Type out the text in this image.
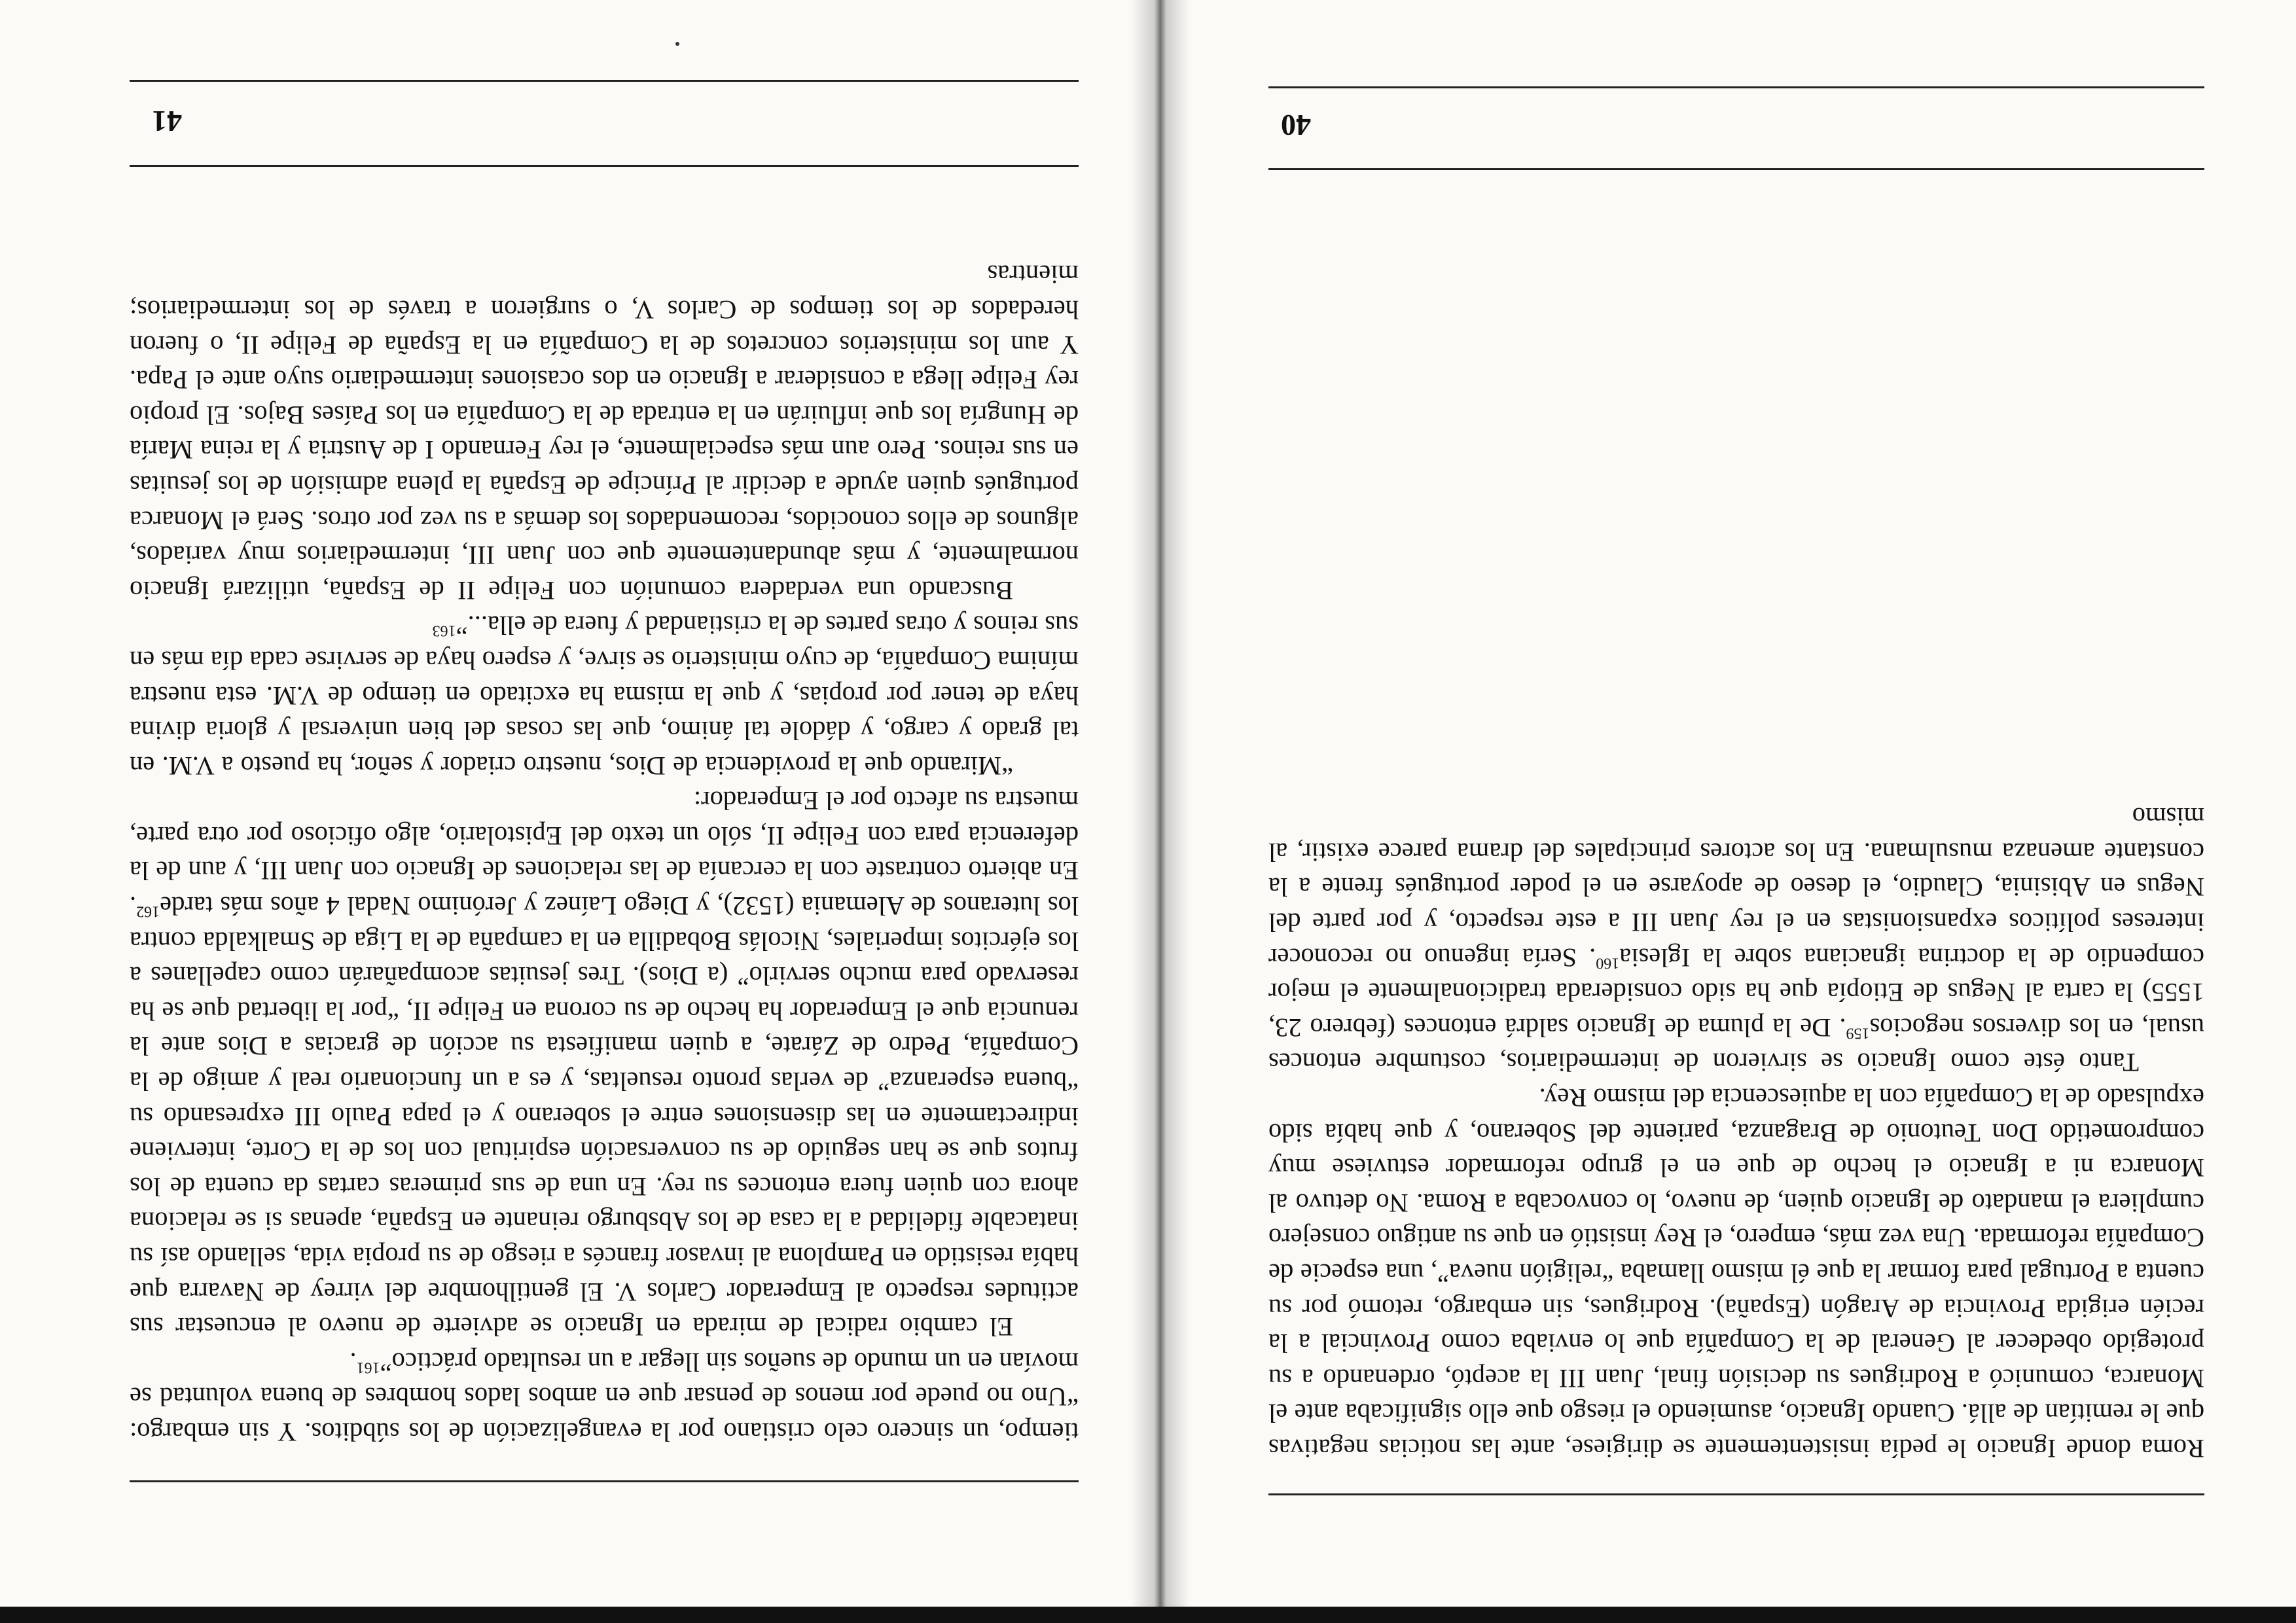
Roma donde Ignacio le pedía insistentemente se dirigiese, ante las noticias negativas que le remitían de allá. Cuando Ignacio, asumiendo el riesgo que ello significaba ante el Monarca, comunicó a Rodrigues su decisión final, Juan III la aceptó, ordenando a su protegido obedecer al General de la Compañía que lo enviaba como Provincial a la recién erigida Provincia de Aragón (España). Rodrigues, sin embargo, retomó por su cuenta a Portugal para formar la que él mismo llamaba “religión nueva”, una especie de Compañía reformada. Una vez más, empero, el Rey insistió en que su antiguo consejero cumpliera el mandato de Ignacio quien, de nuevo, lo convocaba a Roma. No detuvo al Monarca ni a Ignacio el hecho de que en el grupo reformador estuviese muy comprometido Don Teutonio de Braganza, pariente del Soberano, y que había sido expulsado de la Compañía con la aquiescencia del mismo Rey.

Tanto éste como Ignacio se sirvieron de intermediarios, costumbre entonces usual, en los diversos negocios$^{159}$. De la pluma de Ignacio saldrá entonces (febrero 23, 1555) la carta al Negus de Etiopía que ha sido considerada tradicionalmente el mejor compendio de la doctrina ignaciana sobre la Iglesia$^{160}$. Sería ingenuo no reconocer intereses políticos expansionistas en el rey Juan III a este respecto, y por parte del Negus en Abisinia, Claudio, el deseo de apoyarse en el poder portugués frente a la constante amenaza musulmana. En los actores principales del drama parece existir, al mismo

40

tiempo, un sincero celo cristiano por la evangelización de los súbditos. Y sin embargo: “Uno no puede por menos de pensar que en ambos lados hombres de buena voluntad se movían en un mundo de sueños sin llegar a un resultado práctico”$^{161}$.

El cambio radical de mirada en Ignacio se advierte de nuevo al encuestar sus actitudes respecto al Emperador Carlos V. El gentilhombre del virrey de Navarra que había resistido en Pamplona al invasor francés a riesgo de su propia vida, sellando así su inatacable fidelidad a la casa de los Absburgo reinante en España, apenas si se relaciona ahora con quien fuera entonces su rey. En una de sus primeras cartas da cuenta de los frutos que se han seguido de su conversación espiritual con los de la Corte, interviene indirectamente en las disensiones entre el soberano y el papa Paulo III expresando su “buena esperanza” de verlas pronto resueltas, y es a un funcionario real y amigo de la Compañía, Pedro de Zárate, a quien manifiesta su acción de gracias a Dios ante la renuncia que el Emperador ha hecho de su corona en Felipe II, “por la libertad que se ha reservado para mucho servirlo” (a Dios). Tres jesuitas acompañarán como capellanes a los ejércitos imperiales, Nicolás Bobadilla en la campaña de la Liga de Smalkalda contra los luteranos de Alemania (1532), y Diego Laínez y Jerónimo Nadal 4 años más tarde$^{162}$. En abierto contraste con la cercanía de las relaciones de Ignacio con Juan III, y aun de la deferencia para con Felipe II, sólo un texto del Epistolario, algo oficioso por otra parte, muestra su afecto por el Emperador:

“Mirando que la providencia de Dios, nuestro criador y señor, ha puesto a V.M. en tal grado y cargo, y dádole tal ánimo, que las cosas del bien universal y gloria divina haya de tener por propias, y que la misma ha excitado en tiempo de V.M. esta nuestra mínima Compañía, de cuyo ministerio se sirve, y espero haya de servirse cada día más en sus reinos y otras partes de la cristiandad y fuera de ella...”$^{163}$

Buscando una verdadera comunión con Felipe II de España, utilizará Ignacio normalmente, y más abundantemente que con Juan III, intermediarios muy variados, algunos de ellos conocidos, recomendados los demás a su vez por otros. Será el Monarca portugués quien ayude a decidir al Príncipe de España la plena admisión de los jesuitas en sus reinos. Pero aun más especialmente, el rey Fernando I de Austria y la reina María de Hungría los que influirán en la entrada de la Compañía en los Países Bajos. El propio rey Felipe llega a considerar a Ignacio en dos ocasiones intermediario suyo ante el Papa. Y aun los ministerios concretos de la Compañía en la España de Felipe II, o fueron heredados de los tiempos de Carlos V, o surgieron a través de los intermediarios; mientras

41
